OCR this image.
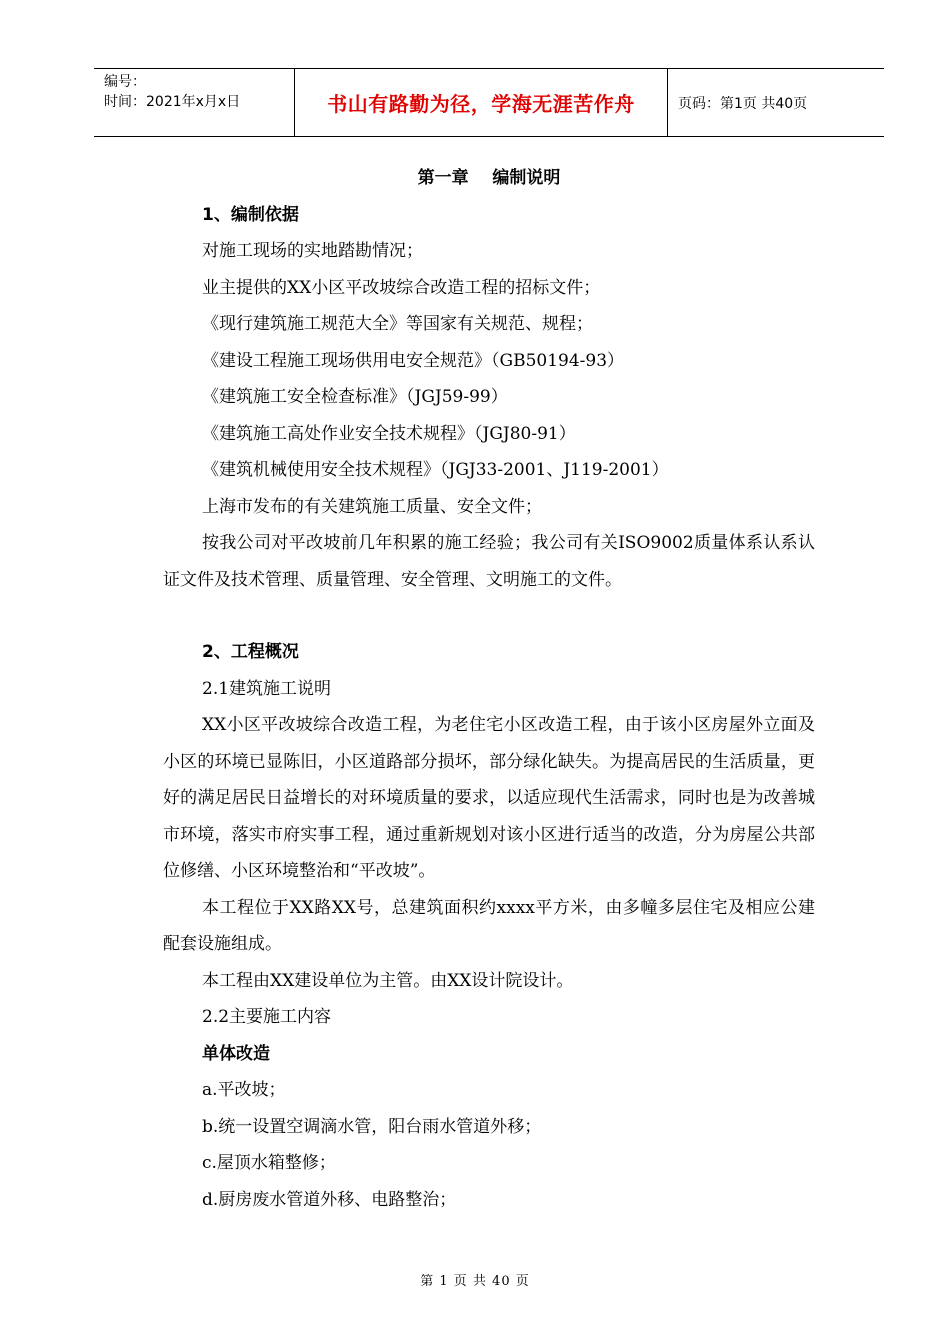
编号：
时间：2021年x月x日	书山有路勤为径，学海无涯苦作舟	页码：第1页 共40页
第一章    编制说明
1、编制依据
对施工现场的实地踏勘情况；
业主提供的XX小区平改坡综合改造工程的招标文件；
《现行建筑施工规范大全》等国家有关规范、规程；
《建设工程施工现场供用电安全规范》（GB50194-93）
《建筑施工安全检查标准》（JGJ59-99）
《建筑施工高处作业安全技术规程》（JGJ80-91）
《建筑机械使用安全技术规程》（JGJ33-2001、J119-2001）
上海市发布的有关建筑施工质量、安全文件；
按我公司对平改坡前几年积累的施工经验；我公司有关ISO9002质量体系认系认证文件及技术管理、质量管理、安全管理、文明施工的文件。
2、工程概况
2.1建筑施工说明
XX小区平改坡综合改造工程，为老住宅小区改造工程，由于该小区房屋外立面及小区的环境已显陈旧，小区道路部分损坏，部分绿化缺失。为提高居民的生活质量，更好的满足居民日益增长的对环境质量的要求，以适应现代生活需求，同时也是为改善城市环境，落实市府实事工程，通过重新规划对该小区进行适当的改造，分为房屋公共部位修缮、小区环境整治和“平改坡”。
本工程位于XX路XX号，总建筑面积约xxxx平方米，由多幢多层住宅及相应公建配套设施组成。
本工程由XX建设单位为主管。由XX设计院设计。
2.2主要施工内容
单体改造
a.平改坡；
b.统一设置空调滴水管，阳台雨水管道外移；
c.屋顶水箱整修；
d.厨房废水管道外移、电路整治；
第 1 页 共 40 页
